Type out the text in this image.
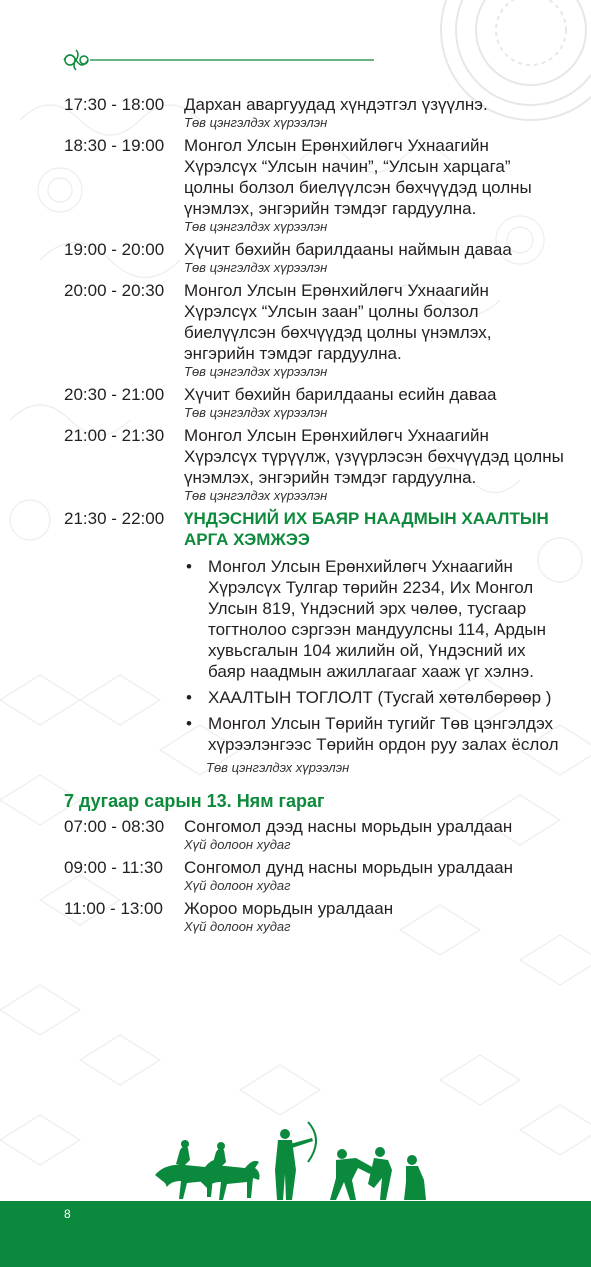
17:30 - 18:00	Дархан аваргуудад хүндэтгэл үзүүлнэ.
Төв цэнгэлдэх хүрээлэн
18:30 - 19:00	Монгол Улсын Ерөнхийлөгч Ухнаагийн Хүрэлсүх “Улсын начин”, “Улсын харцага” цолны болзол биелүүлсэн бөхчүүдэд цолны үнэмлэх, энгэрийн тэмдэг гардуулна.
Төв цэнгэлдэх хүрээлэн
19:00 - 20:00	Хүчит бөхийн барилдааны наймын даваа
Төв цэнгэлдэх хүрээлэн
20:00 - 20:30	Монгол Улсын Ерөнхийлөгч Ухнаагийн Хүрэлсүх “Улсын заан” цолны болзол биелүүлсэн бөхчүүдэд цолны үнэмлэх, энгэрийн тэмдэг гардуулна.
Төв цэнгэлдэх хүрээлэн
20:30 - 21:00	Хүчит бөхийн барилдааны есийн даваа
Төв цэнгэлдэх хүрээлэн
21:00 - 21:30	Монгол Улсын Ерөнхийлөгч Ухнаагийн Хүрэлсүх түрүүлж, үзүүрлэсэн бөхчүүдэд цолны үнэмлэх, энгэрийн тэмдэг гардуулна.
Төв цэнгэлдэх хүрээлэн
21:30 - 22:00	ҮНДЭСНИЙ ИХ БАЯР НААДМЫН ХААЛТЫН АРГА ХЭМЖЭЭ
• Монгол Улсын Ерөнхийлөгч Ухнаагийн Хүрэлсүх Тулгар төрийн 2234, Их Монгол Улсын 819, Үндэсний эрх чөлөө, тусгаар тогтнолоо сэргээн мандуулсны 114, Ардын хувьсгалын 104 жилийн ой, Үндэсний их баяр наадмын ажиллагааг хааж үг хэлнэ.
• ХААЛТЫН ТОГЛОЛТ (Тусгай хөтөлбөрөөр )
• Монгол Улсын Төрийн тугийг Төв цэнгэлдэх хүрээлэнгээс Төрийн ордон руу залах ёслол
Төв цэнгэлдэх хүрээлэн
7 дугаар сарын 13. Ням гараг
07:00 - 08:30	Сонгомол дээд насны морьдын уралдаан
Хүй долоон худаг
09:00 - 11:30	Сонгомол дунд насны морьдын уралдаан
Хүй долоон худаг
11:00 - 13:00	Жороо морьдын уралдаан
Хүй долоон худаг
8
